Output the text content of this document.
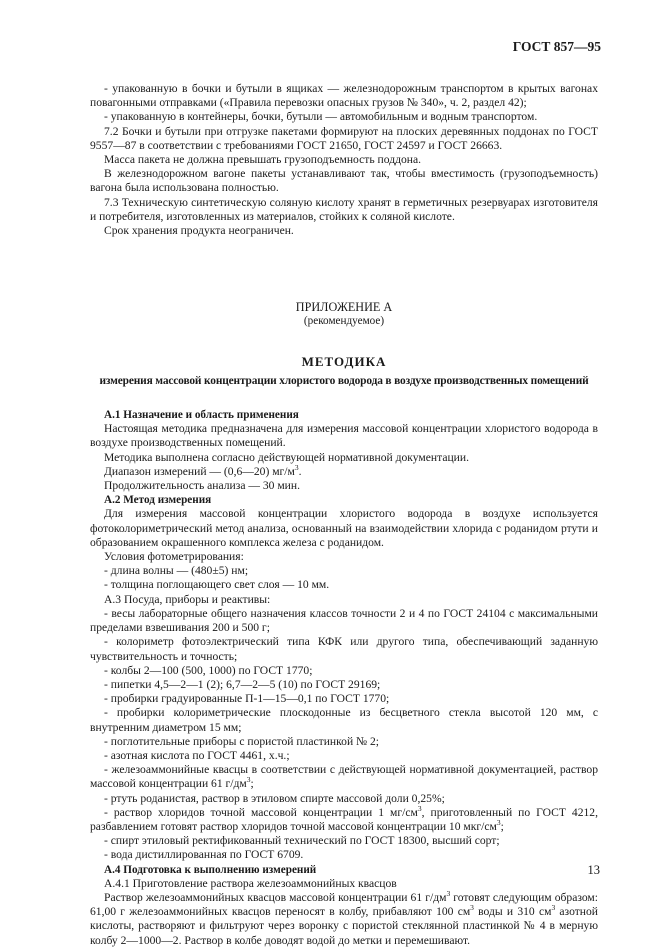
ГОСТ 857—95

- упакованную в бочки и бутыли в ящиках — железнодорожным транспортом в крытых вагонах повагонными отправками («Правила перевозки опасных грузов № 340», ч. 2, раздел 42);

- упакованную в контейнеры, бочки, бутыли — автомобильным и водным транспортом.

7.2 Бочки и бутыли при отгрузке пакетами формируют на плоских деревянных поддонах по ГОСТ 9557—87 в соответствии с требованиями ГОСТ 21650, ГОСТ 24597 и ГОСТ 26663.

Масса пакета не должна превышать грузоподъемность поддона.

В железнодорожном вагоне пакеты устанавливают так, чтобы вместимость (грузоподъемность) вагона была использована полностью.

7.3 Техническую синтетическую соляную кислоту хранят в герметичных резервуарах изготовителя и потребителя, изготовленных из материалов, стойких к соляной кислоте.

Срок хранения продукта неограничен.

ПРИЛОЖЕНИЕ А

(рекомендуемое)

МЕТОДИКА

измерения массовой концентрации хлористого водорода в воздухе производственных помещений

А.1 Назначение и область применения

Настоящая методика предназначена для измерения массовой концентрации хлористого водорода в воздухе производственных помещений.

Методика выполнена согласно действующей нормативной документации.

Диапазон измерений — (0,6—20) $мг/м^3$.

Продолжительность анализа — 30 мин.

А.2 Метод измерения

Для измерения массовой концентрации хлористого водорода в воздухе используется фотоколориметрический метод анализа, основанный на взаимодействии хлорида с роданидом ртути и образованием окрашенного комплекса железа с роданидом.

Условия фотометрирования:

- длина волны — (480±5) нм;

- толщина поглощающего свет слоя — 10 мм.

А.3 Посуда, приборы и реактивы:

- весы лабораторные общего назначения классов точности 2 и 4 по ГОСТ 24104 с максимальными пределами взвешивания 200 и 500 г;

- колориметр фотоэлектрический типа КФК или другого типа, обеспечивающий заданную чувствительность и точность;

- колбы 2—100 (500, 1000) по ГОСТ 1770;

- пипетки 4,5—2—1 (2); 6,7—2—5 (10) по ГОСТ 29169;

- пробирки градуированные П-1—15—0,1 по ГОСТ 1770;

- пробирки колориметрические плоскодонные из бесцветного стекла высотой 120 мм, с внутренним диаметром 15 мм;

- поглотительные приборы с пористой пластинкой № 2;

- азотная кислота по ГОСТ 4461, х.ч.;

- железоаммонийные квасцы в соответствии с действующей нормативной документацией, раствор массовой концентрации 61 $г/дм^3$;

- ртуть роданистая, раствор в этиловом спирте массовой доли 0,25%;

- раствор хлоридов точной массовой концентрации 1 $мг/см^3$, приготовленный по ГОСТ 4212, разбавлением готовят раствор хлоридов точной массовой концентрации 10 мкг/$см^3$;

- спирт этиловый ректификованный технический по ГОСТ 18300, высший сорт;

- вода дистиллированная по ГОСТ 6709.

А.4 Подготовка к выполнению измерений

А.4.1 Приготовление раствора железоаммонийных квасцов

Раствор железоаммонийных квасцов массовой концентрации 61 $г/дм^3$ готовят следующим образом: 61,00 г железоаммонийных квасцов переносят в колбу, прибавляют 100 $см^3$ воды и 310 $см^3$ азотной кислоты, растворяют и фильтруют через воронку с пористой стеклянной пластинкой № 4 в мерную колбу 2—1000—2. Раствор в колбе доводят водой до метки и перемешивают.

13
